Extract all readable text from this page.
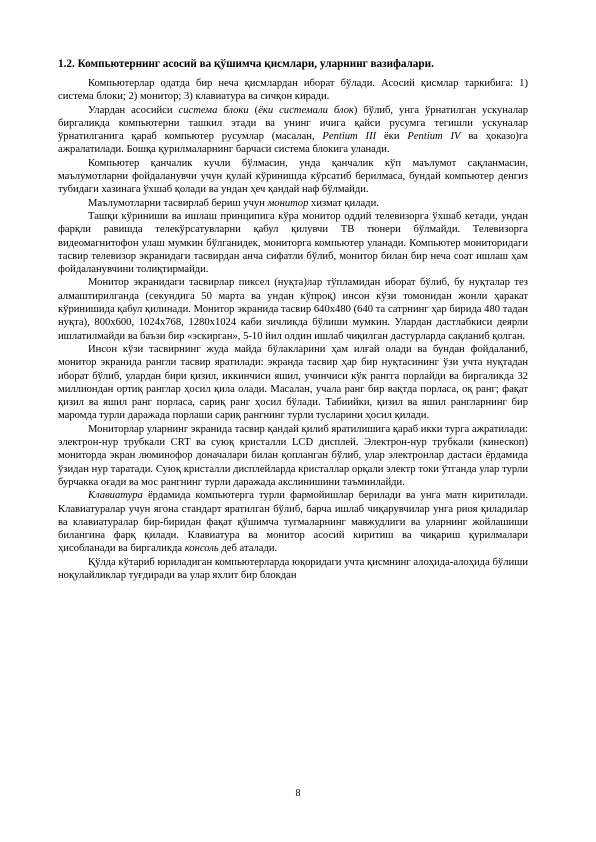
1.2. Компьютернинг асосий ва қўшимча қисмлари, уларнинг вазифалари.

Компьютерлар одатда бир неча қисмлардан иборат бўлади. Асосий қисмлар таркибига: 1) система блоки; 2) монитор; 3) клавиатура ва сичқон киради.

Улардан асосийси система блоки (ёки системали блок) бўлиб, унга ўрнатилган ускуналар биргаликда компьютерни ташкил этади ва унинг ичига қайси русумга тегишли ускуналар ўрнатилганига қараб компьютер русумлар (масалан, Pentium III ёки Pentium IV ва ҳоказо)га ажралатилади. Бошқа қурилмаларнинг барчаси система блокига уланади.

Компьютер қанчалик кучли бўлмасин, унда қанчалик кўп маълумот сақланмасин, маълумотларни фойдаланувчи учун қулай кўринишда кўрсатиб берилмаса, бундай компьютер денгиз тубидаги хазинага ўхшаб қолади ва ундан ҳеч қандай наф бўлмайди.

Маълумотларни тасвирлаб бериш учун монитор хизмат қилади.

Ташқи кўриниши ва ишлаш принципига кўра монитор оддий телевизорга ўхшаб кетади, ундан фарқли равишда телекўрсатувларни қабул қилувчи ТВ тюнери бўлмайди. Телевизорга видеомагнитофон улаш мумкин бўлганидек, мониторга компьютер уланади. Компьютер мониторидаги тасвир телевизор экранидаги тасвирдан анча сифатли бўлиб, монитор билан бир неча соат ишлаш ҳам фойдаланувчини толиқтирмайди.

Монитор экранидаги тасвирлар пиксел (нуқта)лар тўпламидан иборат бўлиб, бу нуқталар тез алмаштирилганда (секундига 50 марта ва ундан кўпроқ) инсон кўзи томонидан жонли ҳаракат кўринишида қабул қилинади. Монитор экранида тасвир 640x480 (640 та сатрнинг ҳар бирида 480 тадан нуқта), 800x600, 1024x768, 1280x1024 каби зичликда бўлиши мумкин. Улардан дастлабкиси деярли ишлатилмайди ва баъзи бир «эскирган», 5-10 йил олдин ишлаб чиқилган дастурларда сақланиб қолган.

Инсон кўзи тасвирнинг жуда майда бўлакларини ҳам илғай олади ва бундан фойдаланиб, монитор экранида рангли тасвир яратилади: экранда тасвир ҳар бир нуқтасининг ўзи учта нуқтадан иборат бўлиб, улардан бири қизил, иккинчиси яшил, учинчиси кўк рангга порлайди ва биргаликда 32 миллиондан ортиқ ранглар ҳосил қила олади. Масалан, учала ранг бир вақтда порласа, оқ ранг; фақат қизил ва яшил ранг порласа, сариқ ранг ҳосил бўлади. Табиийки, қизил ва яшил рангларнинг бир маромда турли даражада порлаши сариқ рангнинг турли тусларини ҳосил қилади.

Мониторлар уларнинг экранида тасвир қандай қилиб яратилишига қараб икки турга ажратилади: электрон-нур трубкали CRT ва суюқ кристалли LCD дисплей. Электрон-нур трубкали (кинескоп) мониторда экран люминофор доначалари билан қопланган бўлиб, улар электронлар дастаси ёрдамида ўзидан нур таратади. Суюқ кристалли дисплейларда кристаллар орқали электр токи ўтганда улар турли бурчакка оғади ва мос рангнинг турли даражада акслинишини таъминлайди.

Клавиатура ёрдамида компьютерга турли фармойишлар берилади ва унга матн киритилади. Клавиатуралар учун ягона стандарт яратилган бўлиб, барча ишлаб чиқарувчилар унга риоя қиладилар ва клавиатуралар бир-биридан фақат қўшимча тугмаларнинг мавжудлиги ва уларнинг жойлашиши билангина фарқ қилади. Клавиатура ва монитор асосий киритиш ва чиқариш қурилмалари ҳисобланади ва биргаликда консоль деб аталади.

Қўлда кўтариб юриладиган компьютерларда юқоридаги учта қисмнинг алоҳида-алоҳида бўлиши ноқулайликлар туғдиради ва улар яхлит бир блокдан

8
